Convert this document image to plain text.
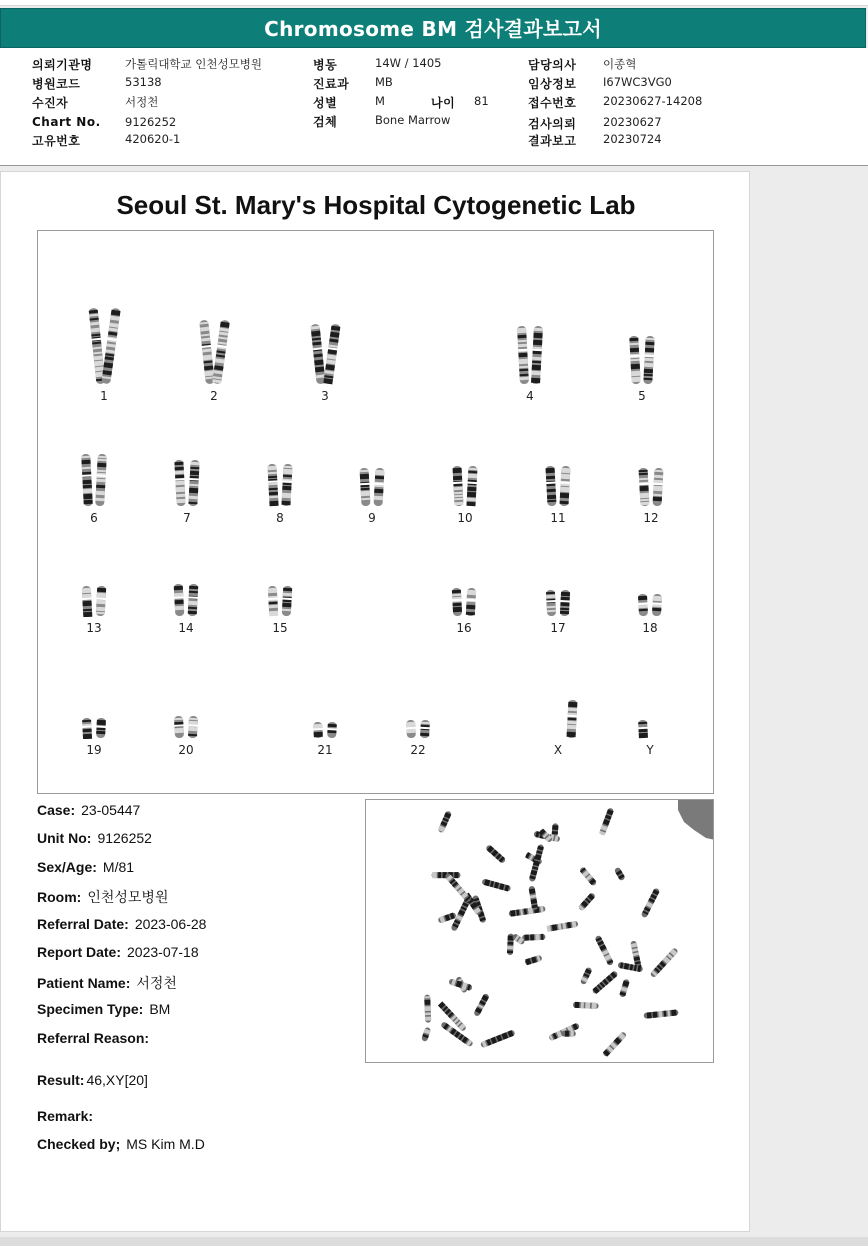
Chromosome BM 검사결과보고서
의뢰기관명	가톨릭대학교 인천성모병원
병원코드	53138
수진자	서정천
Chart No. 9126252
고유번호	420620-1
병동	14W / 1405
진료과 MB
성별	M	나이 81
검체	Bone Marrow
담당의사 이종혁
임상정보 I67WC3VG0
접수번호 20230627-14208
검사의뢰 20230627
결과보고 20230724
Seoul St. Mary's Hospital Cytogenetic Lab
1	2	3	4	5
6	7	8	9	10	11	12
13	14	15	16	17	18
19	20	21	22	X	Y
Case: 23-05447
Unit No: 9126252
Sex/Age: M/81
Room: 인천성모병원
Referral Date: 2023-06-28
Report Date: 2023-07-18
Patient Name: 서정천
Specimen Type: BM
Referral Reason:
Result: 46,XY[20]
Remark:
Checked by; MS Kim M.D
